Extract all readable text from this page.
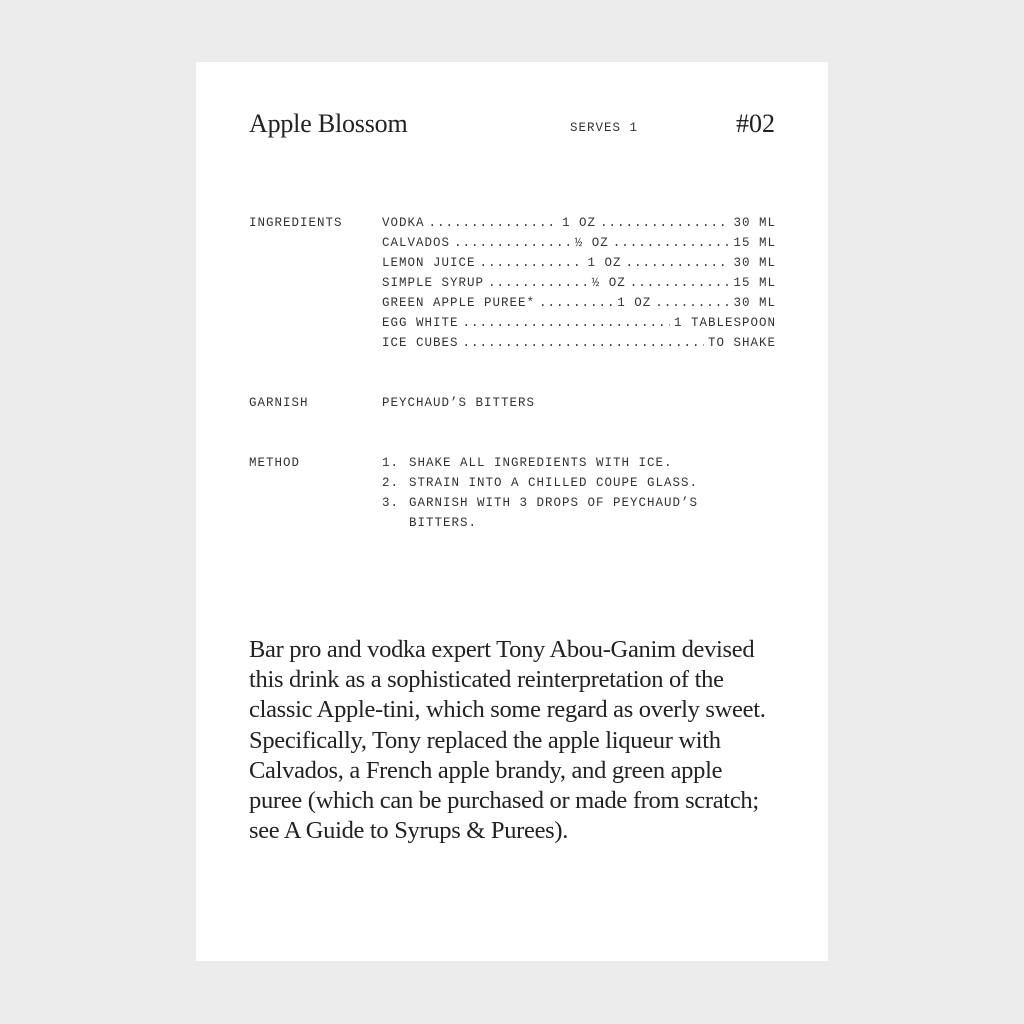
Apple Blossom	SERVES 1	#02
INGREDIENTS	VODKA .....	1 OZ .....	30 ML
CALVADOS .....	½ OZ .....	15 ML
LEMON JUICE .....	1 OZ .....	30 ML
SIMPLE SYRUP .....	½ OZ .....	15 ML
GREEN APPLE PUREE* .....	1 OZ .....	30 ML
EGG WHITE .....	1 TABLESPOON
ICE CUBES .....	TO SHAKE
GARNISH	PEYCHAUD’S BITTERS
METHOD	1. SHAKE ALL INGREDIENTS WITH ICE.
2. STRAIN INTO A CHILLED COUPE GLASS.
3. GARNISH WITH 3 DROPS OF PEYCHAUD’S BITTERS.

Bar pro and vodka expert Tony Abou-Ganim devised this drink as a sophisticated reinterpretation of the classic Apple-tini, which some regard as overly sweet. Specifically, Tony replaced the apple liqueur with Calvados, a French apple brandy, and green apple puree (which can be purchased or made from scratch; see A Guide to Syrups & Purees).
